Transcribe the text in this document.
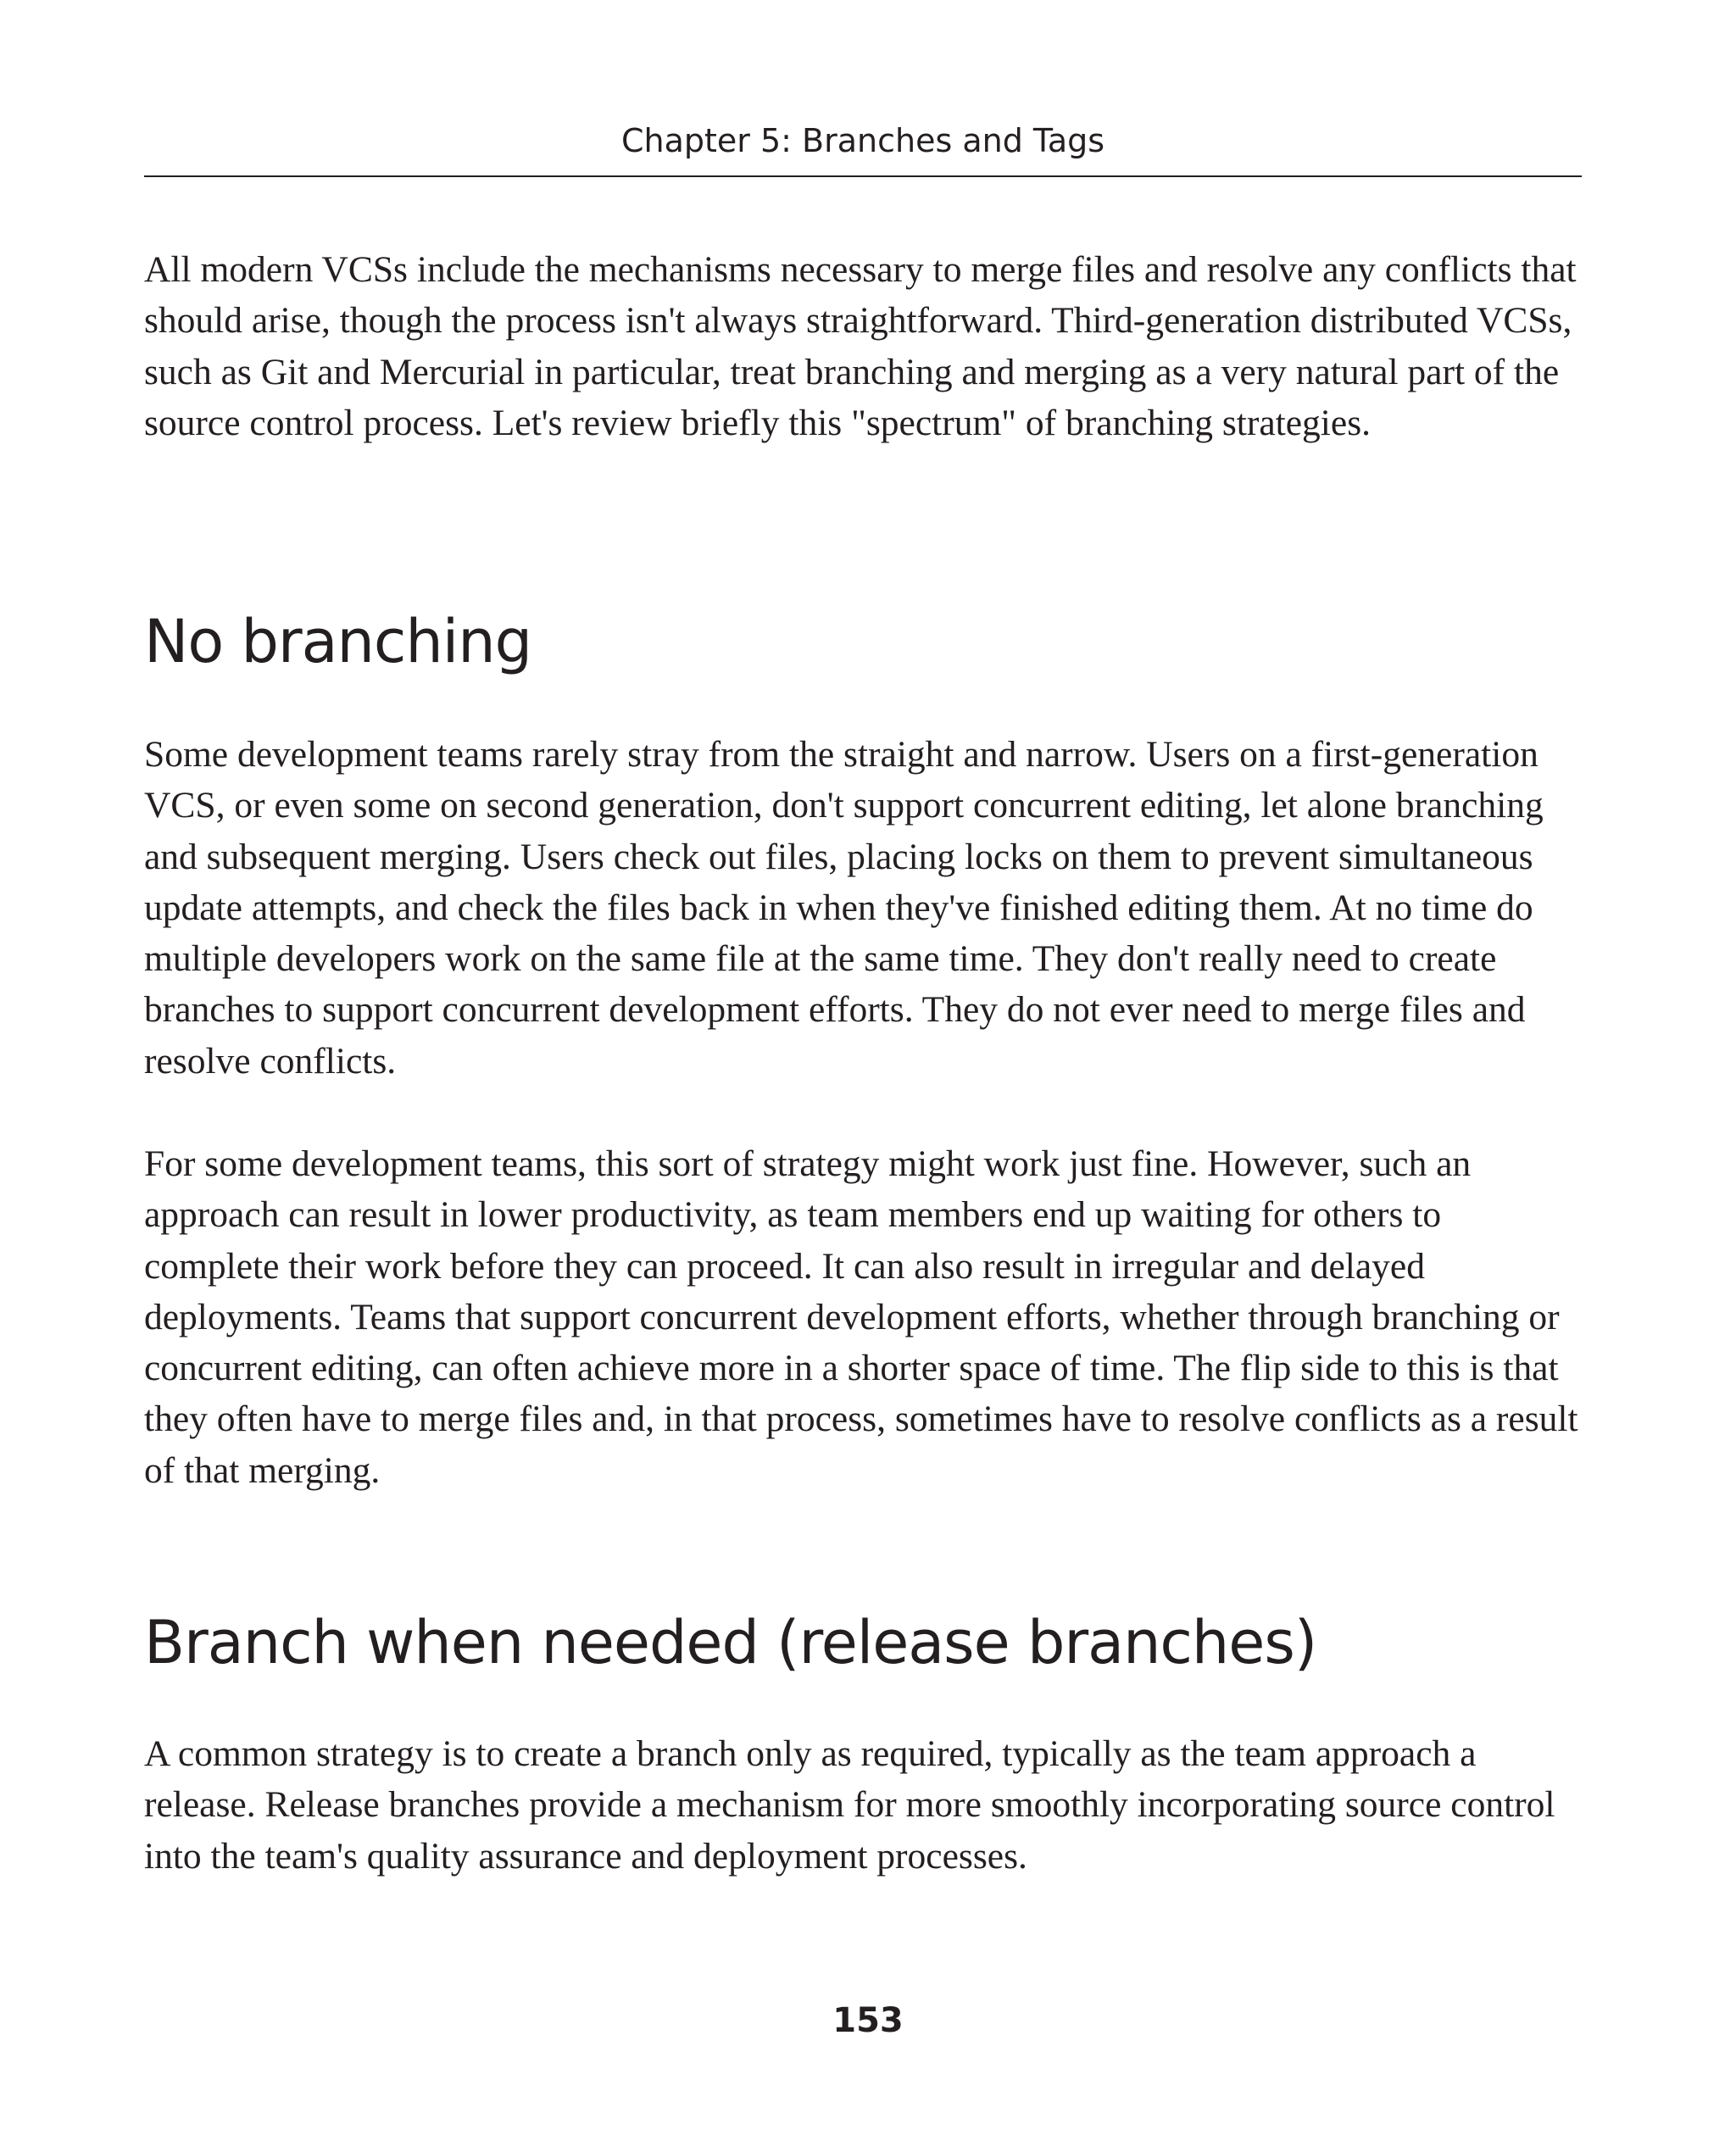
Chapter 5: Branches and Tags

All modern VCSs include the mechanisms necessary to merge files and resolve any conflicts that should arise, though the process isn't always straightforward. Third-generation distributed VCSs, such as Git and Mercurial in particular, treat branching and merging as a very natural part of the source control process. Let's review briefly this "spectrum" of branching strategies.

No branching

Some development teams rarely stray from the straight and narrow. Users on a first-generation VCS, or even some on second generation, don't support concurrent editing, let alone branching and subsequent merging. Users check out files, placing locks on them to prevent simultaneous update attempts, and check the files back in when they've finished editing them. At no time do multiple developers work on the same file at the same time. They don't really need to create branches to support concurrent development efforts. They do not ever need to merge files and resolve conflicts.

For some development teams, this sort of strategy might work just fine. However, such an approach can result in lower productivity, as team members end up waiting for others to complete their work before they can proceed. It can also result in irregular and delayed deployments. Teams that support concurrent development efforts, whether through branching or concurrent editing, can often achieve more in a shorter space of time. The flip side to this is that they often have to merge files and, in that process, sometimes have to resolve conflicts as a result of that merging.

Branch when needed (release branches)

A common strategy is to create a branch only as required, typically as the team approach a release. Release branches provide a mechanism for more smoothly incorporating source control into the team's quality assurance and deployment processes.

153
